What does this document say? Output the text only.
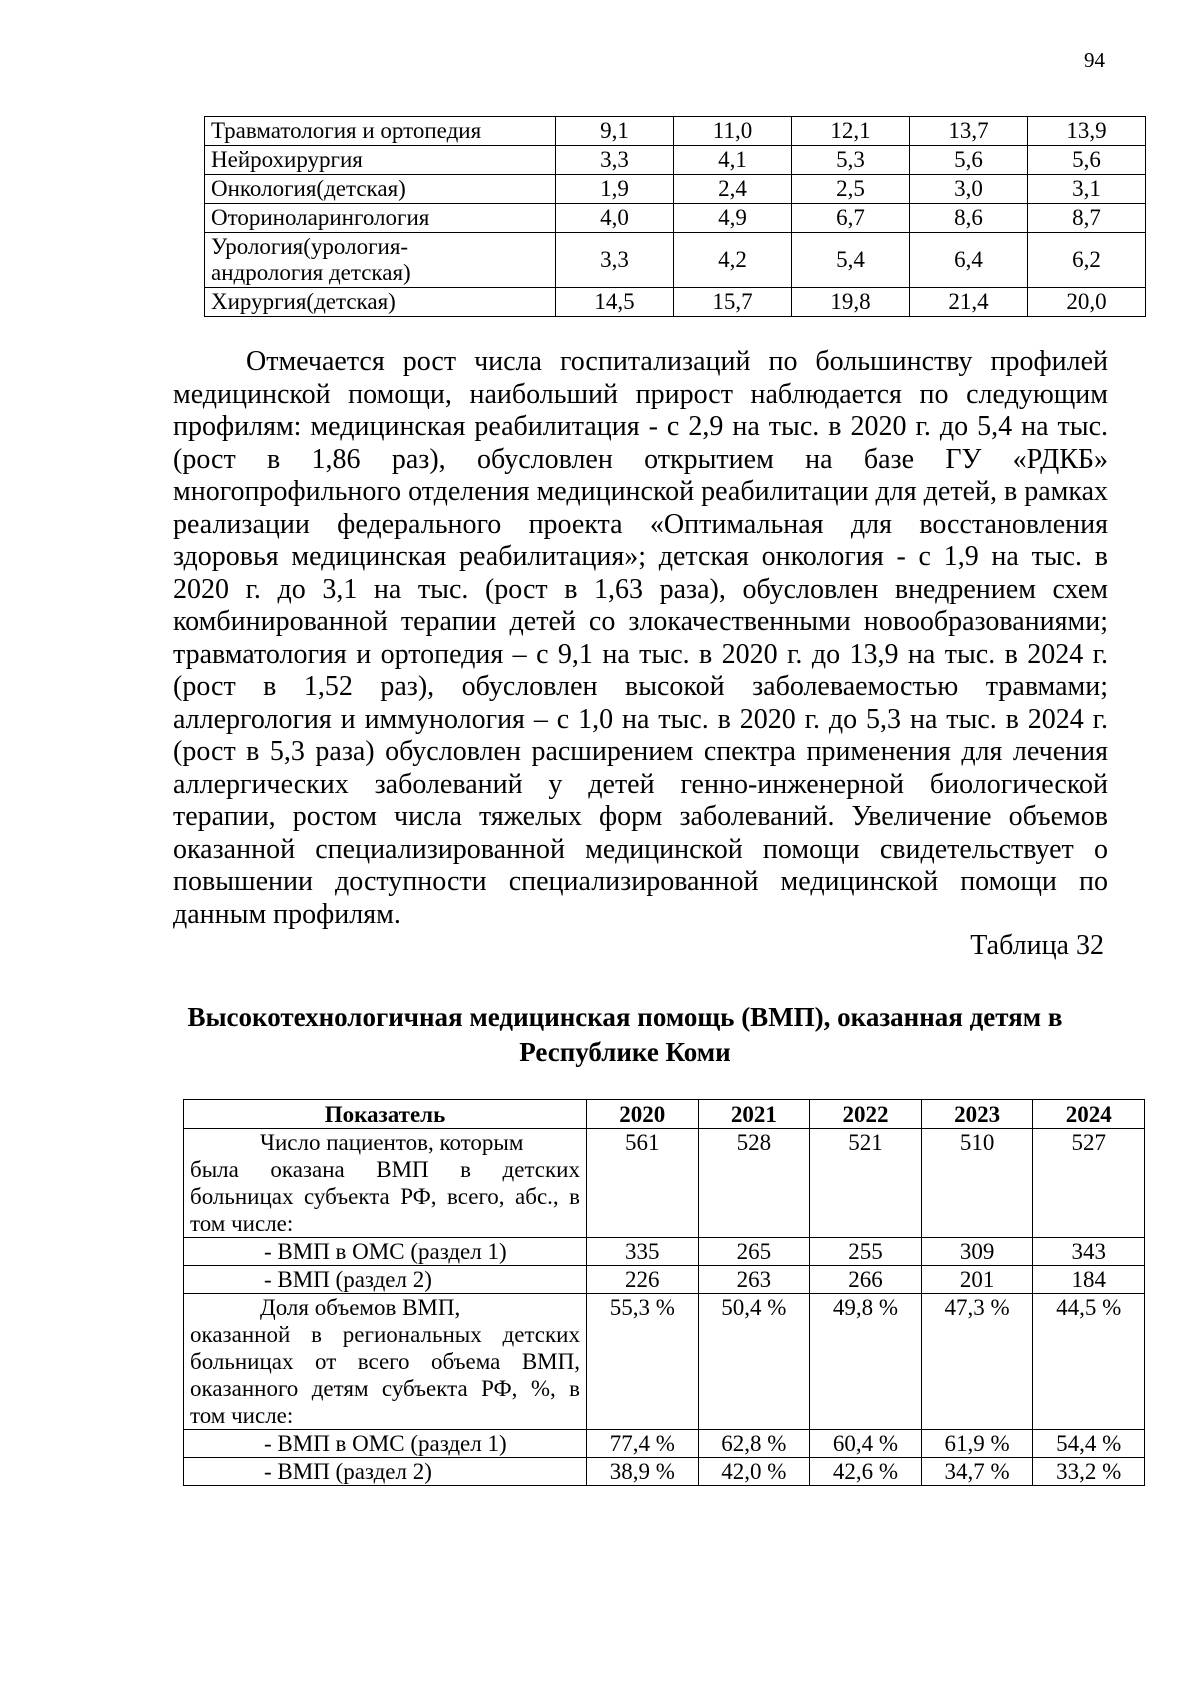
94
Травматология и ортопедия	9,1	11,0	12,1	13,7	13,9
Нейрохирургия	3,3	4,1	5,3	5,6	5,6
Онкология(детская)	1,9	2,4	2,5	3,0	3,1
Оториноларингология	4,0	4,9	6,7	8,6	8,7
Урология(урология-
андрология детская)	3,3	4,2	5,4	6,4	6,2
Хирургия(детская)	14,5	15,7	19,8	21,4	20,0

Отмечается рост числа госпитализаций по большинству профилей медицинской помощи, наибольший прирост наблюдается по следующим профилям: медицинская реабилитация - с 2,9 на тыс. в 2020 г. до 5,4 на тыс. (рост в 1,86 раз), обусловлен открытием на базе ГУ «РДКБ» многопрофильного отделения медицинской реабилитации для детей, в рамках реализации федерального проекта «Оптимальная для восстановления здоровья медицинская реабилитация»; детская онкология - с 1,9 на тыс. в 2020 г. до 3,1 на тыс. (рост в 1,63 раза), обусловлен внедрением схем комбинированной терапии детей со злокачественными новообразованиями; травматология и ортопедия – с 9,1 на тыс. в 2020 г. до 13,9 на тыс. в 2024 г. (рост в 1,52 раз), обусловлен высокой заболеваемостью травмами; аллергология и иммунология – с 1,0 на тыс. в 2020 г. до 5,3 на тыс. в 2024 г. (рост в 5,3 раза) обусловлен расширением спектра применения для лечения аллергических заболеваний у детей генно-инженерной биологической терапии, ростом числа тяжелых форм заболеваний. Увеличение объемов оказанной специализированной медицинской помощи свидетельствует о повышении доступности специализированной медицинской помощи по данным профилям.

Таблица 32
Высокотехнологичная медицинская помощь (ВМП), оказанная детям в
Республике Коми
Показатель	2020	2021	2022	2023	2024

Число пациентов, которым
была оказана ВМП в детских больницах субъекта РФ, всего, абс., в том числе:	561	528	521	510	527
- ВМП в ОМС (раздел 1)	335	265	255	309	343
- ВМП (раздел 2)	226	263	266	201	184

Доля объемов ВМП,
оказанной в региональных детских больницах от всего объема ВМП, оказанного детям субъекта РФ, %, в том числе:	55,3 %	50,4 %	49,8 %	47,3 %	44,5 %
- ВМП в ОМС (раздел 1)	77,4 %	62,8 %	60,4 %	61,9 %	54,4 %
- ВМП (раздел 2)	38,9 %	42,0 %	42,6 %	34,7 %	33,2 %
